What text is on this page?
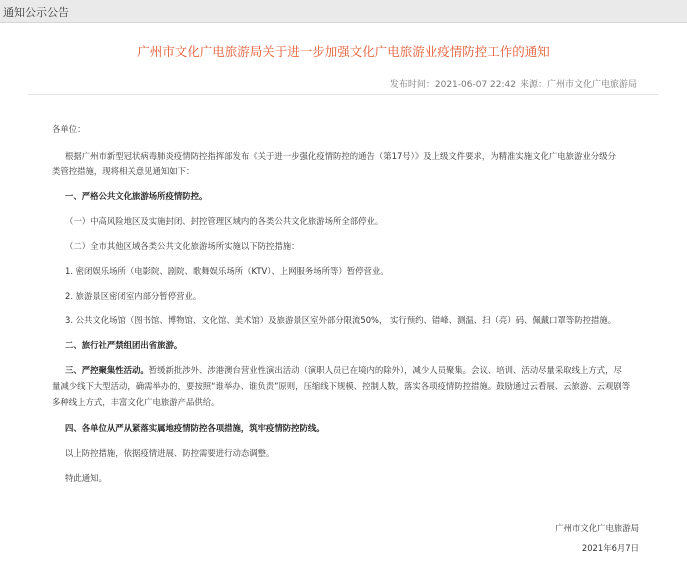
通知公示公告
广州市文化广电旅游局关于进一步加强文化广电旅游业疫情防控工作的通知
发布时间：2021-06-07 22:42 来源：广州市文化广电旅游局
各单位：
根据广州市新型冠状病毒肺炎疫情防控指挥部发布《关于进一步强化疫情防控的通告（第17号）》及上级文件要求，为精准实施文化广电旅游业分级分
类管控措施，现将相关意见通知如下：
一、严格公共文化旅游场所疫情防控。
（一）中高风险地区及实施封闭、封控管理区域内的各类公共文化旅游场所全部停业。
（二）全市其他区域各类公共文化旅游场所实施以下防控措施：
1. 密闭娱乐场所（电影院、剧院、歌舞娱乐场所（KTV）、上网服务场所等）暂停营业。
2. 旅游景区密闭室内部分暂停营业。
3. 公共文化场馆（图书馆、博物馆、文化馆、美术馆）及旅游景区室外部分限流50%， 实行预约、错峰、测温、扫（亮）码、佩戴口罩等防控措施。
二、旅行社严禁组团出省旅游。
三、严控聚集性活动。暂缓新批涉外、涉港澳台营业性演出活动（演职人员已在境内的除外），减少人员聚集。会议、培训、活动尽量采取线上方式，尽
量减少线下大型活动，确需举办的，要按照“谁举办、谁负责”原则，压缩线下规模、控制人数，落实各项疫情防控措施。鼓励通过云看展、云旅游、云观剧等
多种线上方式，丰富文化广电旅游产品供给。
四、各单位从严从紧落实属地疫情防控各项措施，筑牢疫情防控防线。
以上防控措施，依据疫情进展、防控需要进行动态调整。
特此通知。
广州市文化广电旅游局
2021年6月7日
